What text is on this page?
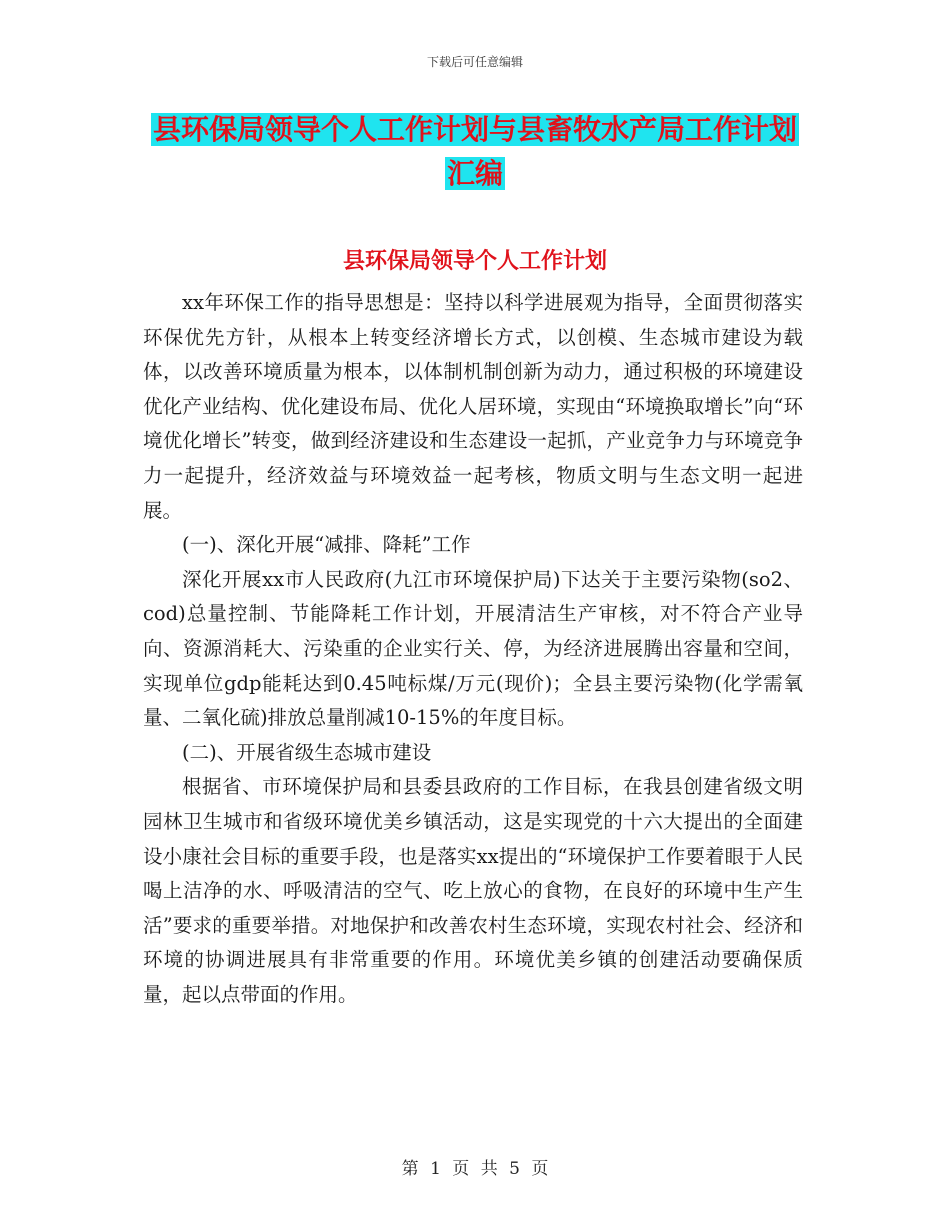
下载后可任意编辑
县环保局领导个人工作计划与县畜牧水产局工作计划
汇编
县环保局领导个人工作计划

xx年环保工作的指导思想是：坚持以科学进展观为指导，全面贯彻落实环保优先方针，从根本上转变经济增长方式，以创模、生态城市建设为载体，以改善环境质量为根本，以体制机制创新为动力，通过积极的环境建设优化产业结构、优化建设布局、优化人居环境，实现由“环境换取增长”向“环境优化增长”转变，做到经济建设和生态建设一起抓，产业竞争力与环境竞争力一起提升，经济效益与环境效益一起考核，物质文明与生态文明一起进展。

(一)、深化开展“减排、降耗”工作

深化开展xx市人民政府(九江市环境保护局)下达关于主要污染物(so2、cod)总量控制、节能降耗工作计划，开展清洁生产审核，对不符合产业导向、资源消耗大、污染重的企业实行关、停，为经济进展腾出容量和空间，实现单位gdp能耗达到0.45吨标煤/万元(现价)；全县主要污染物(化学需氧量、二氧化硫)排放总量削减10-15%的年度目标。

(二)、开展省级生态城市建设

根据省、市环境保护局和县委县政府的工作目标，在我县创建省级文明园林卫生城市和省级环境优美乡镇活动，这是实现党的十六大提出的全面建设小康社会目标的重要手段，也是落实xx提出的“环境保护工作要着眼于人民喝上洁净的水、呼吸清洁的空气、吃上放心的食物，在良好的环境中生产生活”要求的重要举措。对地保护和改善农村生态环境，实现农村社会、经济和环境的协调进展具有非常重要的作用。环境优美乡镇的创建活动要确保质量，起以点带面的作用。

第 1 页 共 5 页
